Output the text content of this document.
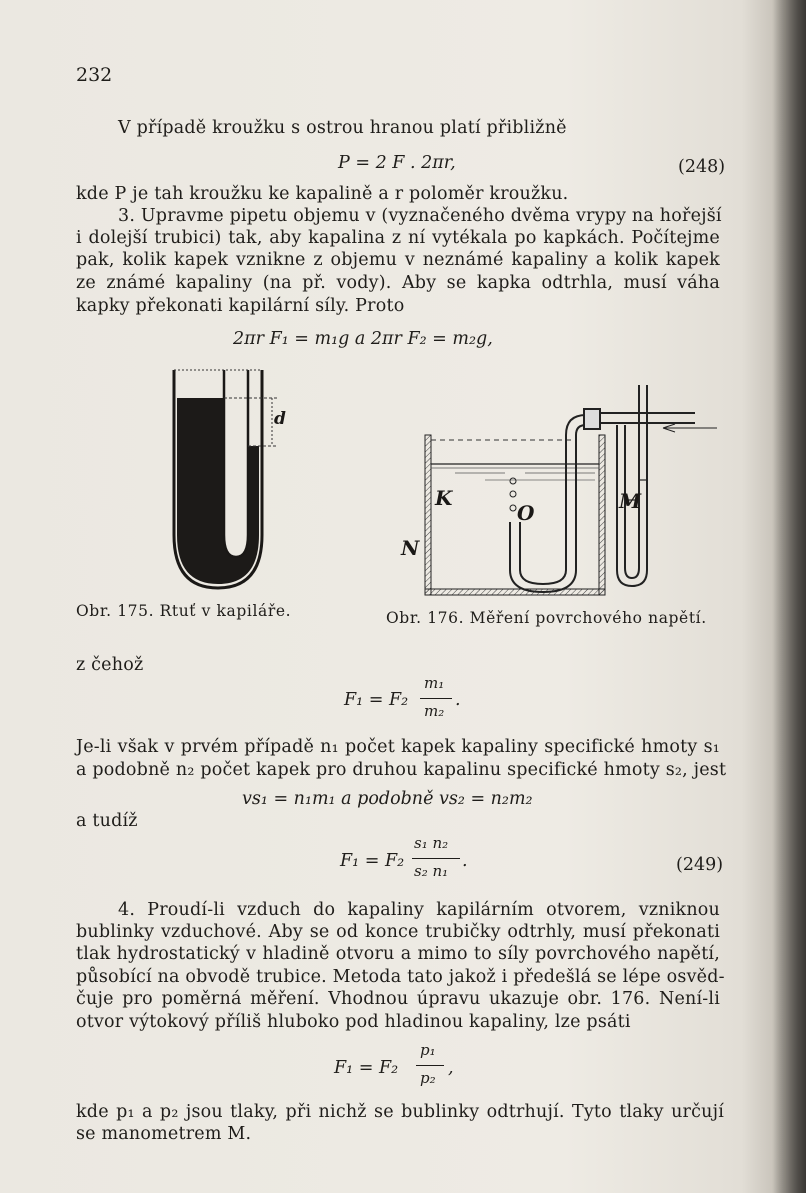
232
V případě kroužku s ostrou hranou platí přibližně
P = 2 F . 2πr,	(248)
kde P je tah kroužku ke kapalině a r poloměr kroužku.
3. Upravme pipetu objemu v (vyznačeného dvěma vrypy na hořejší
i dolejší trubici) tak, aby kapalina z ní vytékala po kapkách. Počítejme
pak, kolik kapek vznikne z objemu v neznámé kapaliny a kolik kapek
ze známé kapaliny (na př. vody). Aby se kapka odtrhla, musí váha
kapky překonati kapilární síly. Proto
2πr F₁ = m₁g a 2πr F₂ = m₂g,
d
Obr. 175. Rtuť v kapiláře.
K
O	M
N
Obr. 176. Měření povrchového napětí.
z čehož
F₁ = F₂
m₁
m₂
.
Je-li však v prvém případě n₁ počet kapek kapaliny specifické hmoty s₁
a podobně n₂ počet kapek pro druhou kapalinu specifické hmoty s₂, jest
vs₁ = n₁m₁ a podobně vs₂ = n₂m₂
a tudíž
F₁ = F₂
s₁ n₂
s₂ n₁ .	(249)
4. Proudí-li vzduch do kapaliny kapilárním otvorem, vzniknou
bublinky vzduchové. Aby se od konce trubičky odtrhly, musí překonati
tlak hydrostatický v hladině otvoru a mimo to síly povrchového napětí,
působící na obvodě trubice. Metoda tato jakož i předešlá se lépe osvěd-
čuje pro poměrná měření. Vhodnou úpravu ukazuje obr. 176. Není-li
otvor výtokový příliš hluboko pod hladinou kapaliny, lze psáti
F₁ = F₂
p₁
p₂ ,
kde p₁ a p₂ jsou tlaky, při nichž se bublinky odtrhují. Tyto tlaky určují
se manometrem M.
